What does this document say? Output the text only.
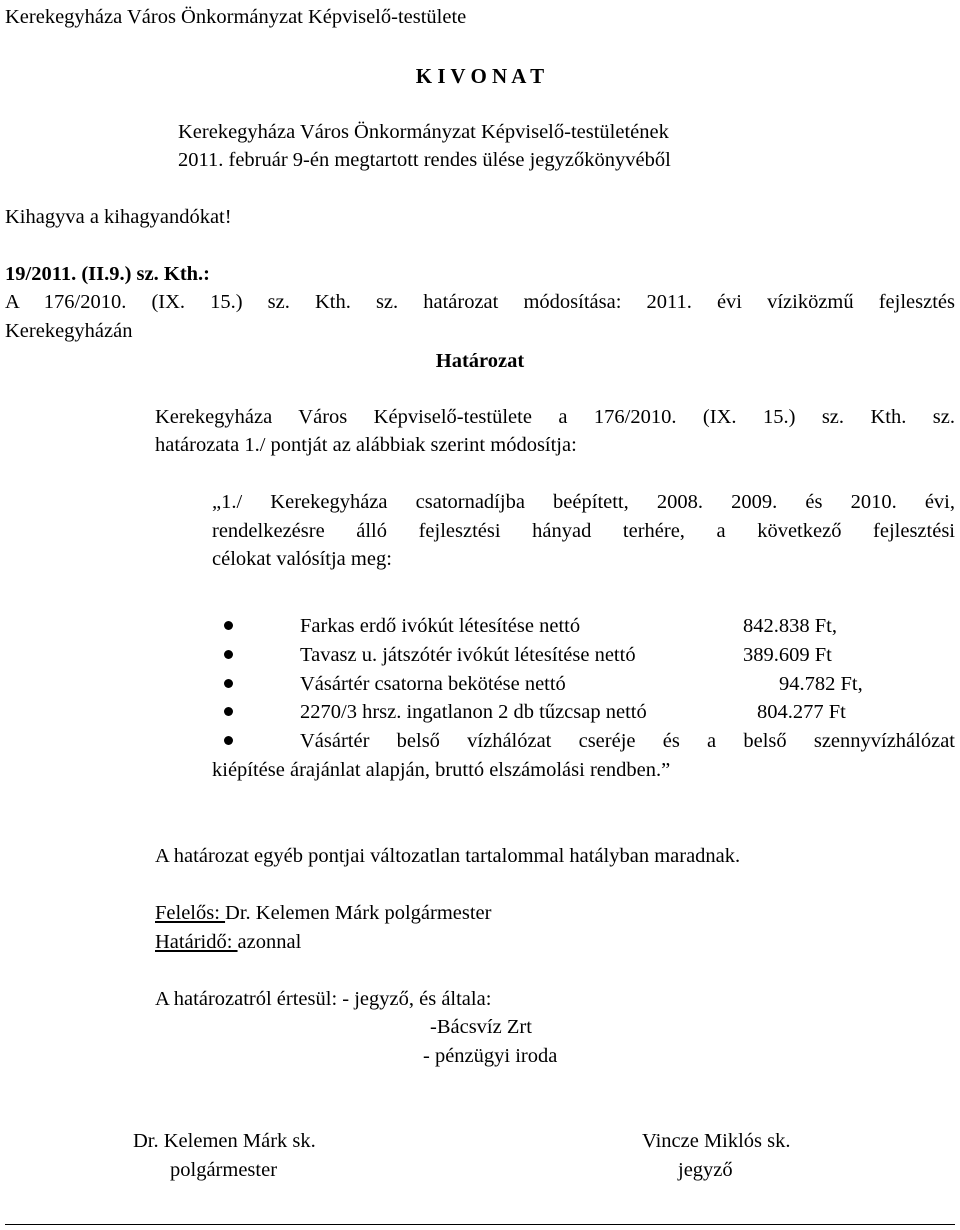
Kerekegyháza Város Önkormányzat Képviselő-testülete
K I V O N A T
Kerekegyháza Város Önkormányzat Képviselő-testületének
2011. február 9-én megtartott rendes ülése jegyzőkönyvéből
Kihagyva a kihagyandókat!
19/2011. (II.9.) sz. Kth.:
A 176/2010. (IX. 15.) sz. Kth. sz. határozat módosítása: 2011. évi víziközmű fejlesztés
Kerekegyházán
Határozat
Kerekegyháza Város Képviselő-testülete a 176/2010. (IX. 15.) sz. Kth. sz.
határozata 1./ pontját az alábbiak szerint módosítja:
„1./ Kerekegyháza csatornadíjba beépített, 2008. 2009. és 2010. évi,
rendelkezésre álló fejlesztési hányad terhére, a következő fejlesztési
célokat valósítja meg:
Farkas erdő ivókút létesítése nettó	842.838 Ft,
Tavasz u. játszótér ivókút létesítése nettó	389.609 Ft
Vásártér csatorna bekötése nettó	94.782 Ft,
2270/3 hrsz. ingatlanon 2 db tűzcsap nettó	804.277 Ft
Vásártér belső vízhálózat cseréje és a belső szennyvízhálózat
kiépítése árajánlat alapján, bruttó elszámolási rendben.”
A határozat egyéb pontjai változatlan tartalommal hatályban maradnak.
Felelős: Dr. Kelemen Márk polgármester
Határidő: azonnal
A határozatról értesül: - jegyző, és általa:
-Bácsvíz Zrt
- pénzügyi iroda
Dr. Kelemen Márk sk.
polgármester
Vincze Miklós sk.
jegyző
